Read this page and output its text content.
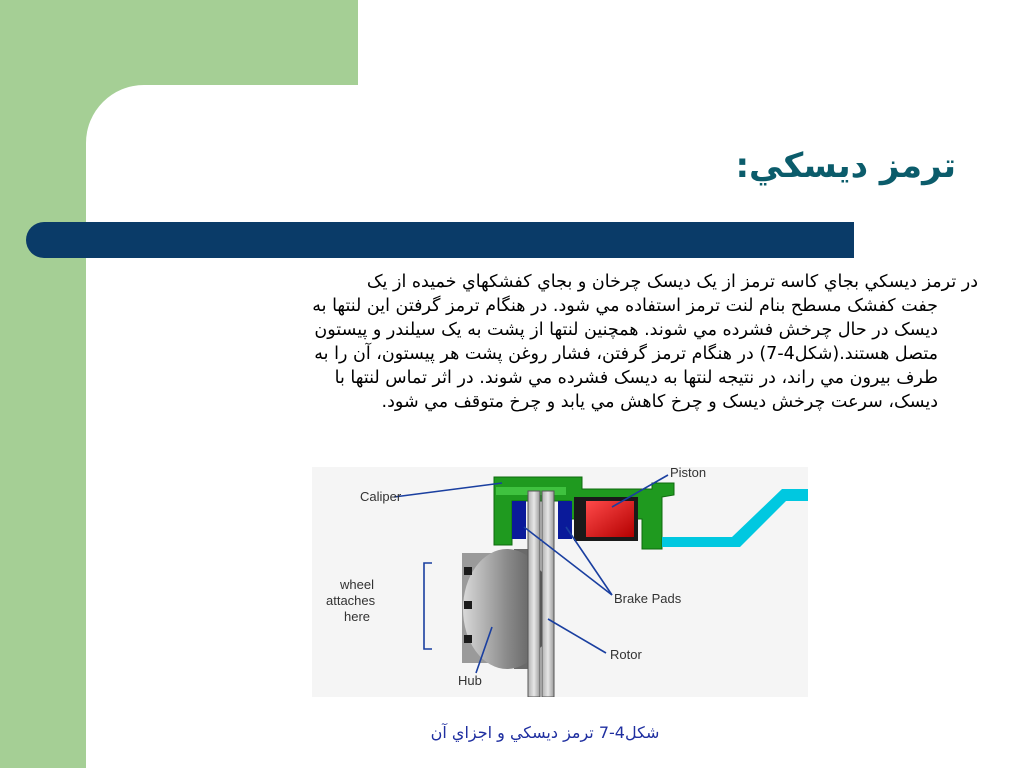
ترمز ديسكي:
در ترمز ديسكي بجاي كاسه ترمز از يک ديسک چرخان و بجاي كفشكهاي خميده از يک
جفت كفشک مسطح بنام لنت ترمز استفاده مي شود. در هنگام ترمز گرفتن اين لنتها به
ديسک در حال چرخش فشرده مي شوند. همچنين لنتها از پشت به يک سيلندر و پيستون
متصل هستند.(شكل4-7) در هنگام ترمز گرفتن، فشار روغن پشت هر پيستون، آن را به
طرف بيرون مي راند، در نتيجه لنتها به ديسک فشرده مي شوند. در اثر تماس لنتها با
ديسک، سرعت چرخش ديسک و چرخ كاهش مي يابد و چرخ متوقف مي شود.
Caliper
Piston
wheel
attaches
here
Brake Pads
Rotor
Hub
شكل4-7 ترمز ديسكي و اجزاي آن
